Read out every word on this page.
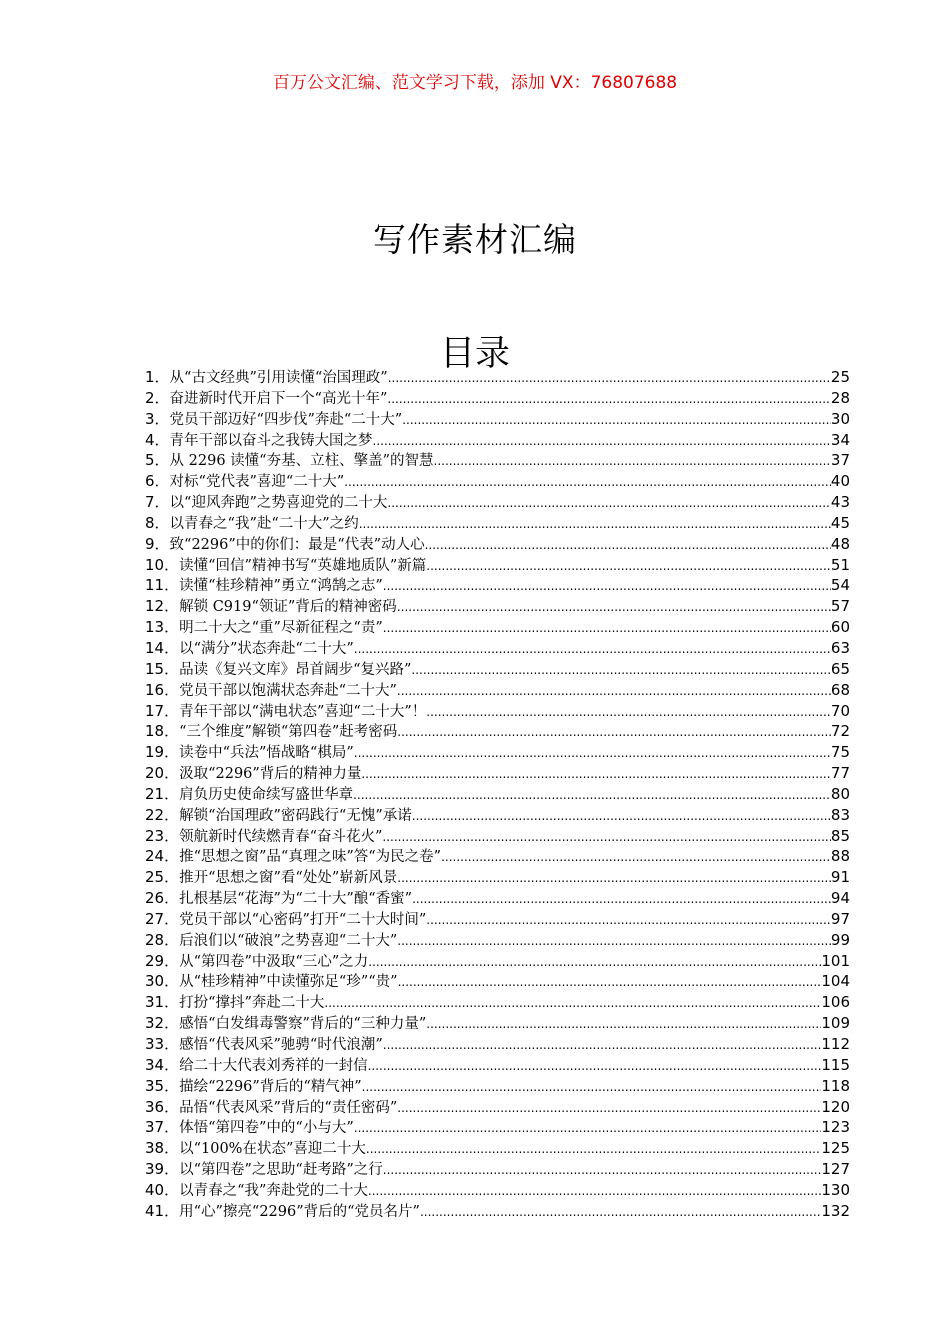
百万公文汇编、范文学习下载，添加 VX：76807688
写作素材汇编
目录
1． 从“古文经典”引用读懂“治国理政” .....	25
2． 奋进新时代开启下一个“高光十年” .....	28
3． 党员干部迈好“四步伐”奔赴“二十大” .....	30
4． 青年干部以奋斗之我铸大国之梦 .....	34
5． 从 2296 读懂“夯基、立柱、擎盖”的智慧 .....	37
6． 对标“党代表”喜迎“二十大” .....	40
7． 以“迎风奔跑”之势喜迎党的二十大 .....	43
8． 以青春之“我”赴“二十大”之约 .....	45
9． 致“2296”中的你们：最是“代表”动人心 .....	48
10． 读懂“回信”精神书写“英雄地质队”新篇 .....	51
11． 读懂“桂珍精神”勇立“鸿鹄之志” .....	54
12． 解锁 C919“领证”背后的精神密码 .....	57
13． 明二十大之“重”尽新征程之“责” .....	60
14． 以“满分”状态奔赴“二十大” .....	63
15． 品读《复兴文库》昂首阔步“复兴路” .....	65
16． 党员干部以饱满状态奔赴“二十大” .....	68
17． 青年干部以“满电状态”喜迎“二十大”！ .....	70
18． “三个维度”解锁“第四卷”赶考密码 .....	72
19． 读卷中“兵法”悟战略“棋局” .....	75
20． 汲取“2296”背后的精神力量 .....	77
21． 肩负历史使命续写盛世华章 .....	80
22． 解锁“治国理政”密码践行“无愧”承诺 .....	83
23． 领航新时代续燃青春“奋斗花火” .....	85
24． 推“思想之窗”品“真理之味”答“为民之卷” .....	88
25． 推开“思想之窗”看“处处”崭新风景 .....	91
26． 扎根基层“花海”为“二十大”酿“香蜜” .....	94
27． 党员干部以“心密码”打开“二十大时间” .....	97
28． 后浪们以“破浪”之势喜迎“二十大” .....	99
29． 从“第四卷”中汲取“三心”之力 .....	101
30． 从“桂珍精神”中读懂弥足“珍”“贵” .....	104
31． 打扮“撑抖”奔赴二十大 .....	106
32． 感悟“白发缉毒警察”背后的“三种力量” .....	109
33． 感悟“代表风采”驰骋“时代浪潮” .....	112
34． 给二十大代表刘秀祥的一封信 .....	115
35． 描绘“2296”背后的“精气神” .....	118
36． 品悟“代表风采”背后的“责任密码” .....	120
37． 体悟“第四卷”中的“小与大” .....	123
38． 以“100%在状态”喜迎二十大 .....	125
39． 以“第四卷”之思助“赶考路”之行 .....	127
40． 以青春之“我”奔赴党的二十大 .....	130
41． 用“心”擦亮“2296”背后的“党员名片” .....	132
